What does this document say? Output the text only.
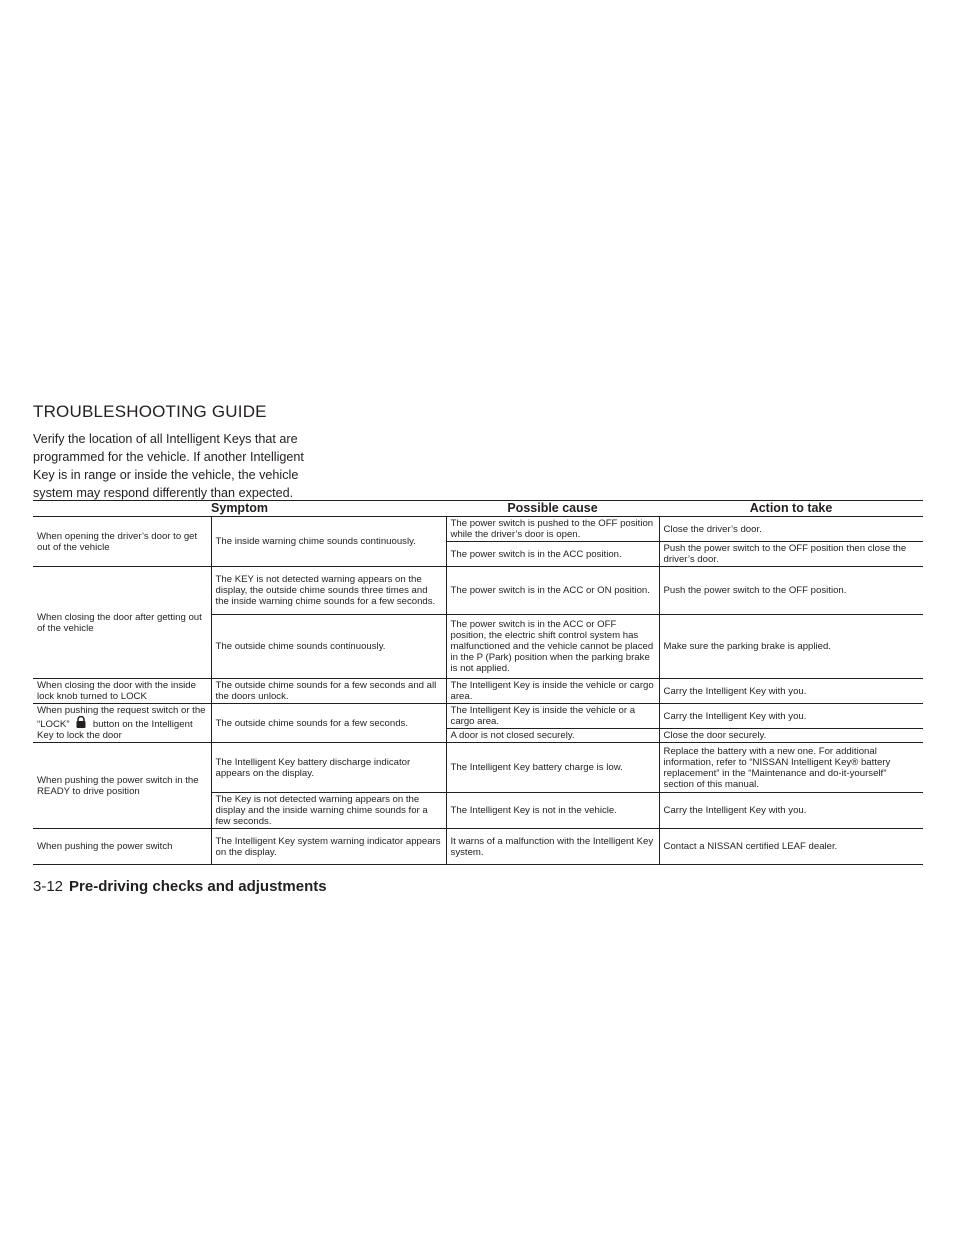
TROUBLESHOOTING GUIDE

Verify the location of all Intelligent Keys that are programmed for the vehicle. If another Intelligent Key is in range or inside the vehicle, the vehicle system may respond differently than expected.

Symptom		Possible cause	Action to take
When opening the driver’s door to get out of the vehicle	The inside warning chime sounds continuously.	The power switch is pushed to the OFF position while the driver’s door is open.	Close the driver’s door.
		The power switch is in the ACC position.	Push the power switch to the OFF position then close the driver’s door.
When closing the door after getting out of the vehicle	The KEY is not detected warning appears on the display, the outside chime sounds three times and the inside warning chime sounds for a few seconds.	The power switch is in the ACC or ON position.	Push the power switch to the OFF position.
	The outside chime sounds continuously.	The power switch is in the ACC or OFF position, the electric shift control system has malfunctioned and the vehicle cannot be placed in the P (Park) position when the parking brake is not applied.	Make sure the parking brake is applied.
When closing the door with the inside lock knob turned to LOCK	The outside chime sounds for a few seconds and all the doors unlock.	The Intelligent Key is inside the vehicle or cargo area.	Carry the Intelligent Key with you.
When pushing the request switch or the “LOCK” button on the Intelligent Key to lock the door	The outside chime sounds for a few seconds.	The Intelligent Key is inside the vehicle or a cargo area.	Carry the Intelligent Key with you.
		A door is not closed securely.	Close the door securely.
When pushing the power switch in the READY to drive position	The Intelligent Key battery discharge indicator appears on the display.	The Intelligent Key battery charge is low.	Replace the battery with a new one. For additional information, refer to “NISSAN Intelligent Key® battery replacement” in the “Maintenance and do-it-yourself” section of this manual.
	The Key is not detected warning appears on the display and the inside warning chime sounds for a few seconds.	The Intelligent Key is not in the vehicle.	Carry the Intelligent Key with you.
When pushing the power switch	The Intelligent Key system warning indicator appears on the display.	It warns of a malfunction with the Intelligent Key system.	Contact a NISSAN certified LEAF dealer.
3-12 Pre-driving checks and adjustments
